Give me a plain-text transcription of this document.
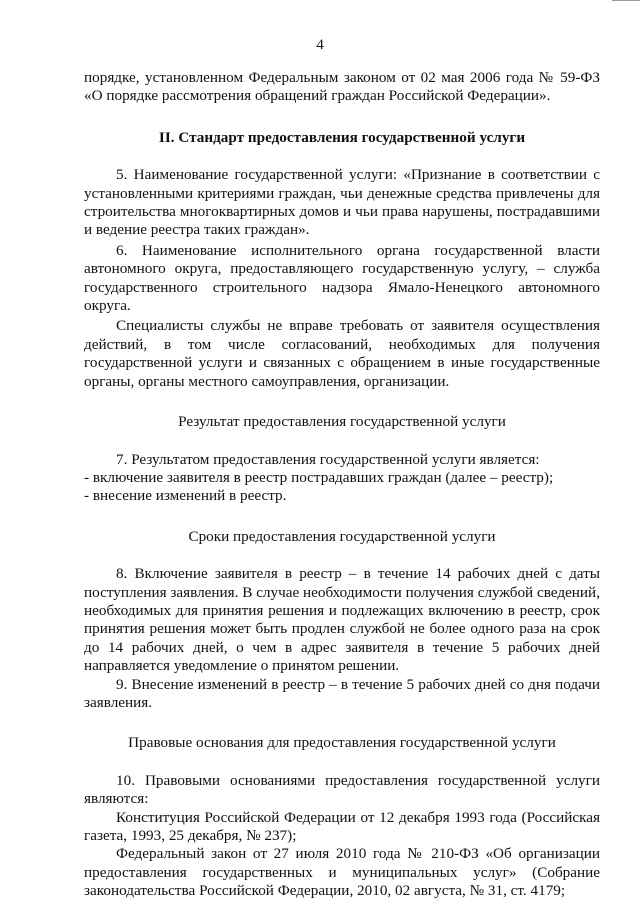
4

порядке, установленном Федеральным законом от 02 мая 2006 года № 59-ФЗ «О порядке рассмотрения обращений граждан Российской Федерации».

II. Стандарт предоставления государственной услуги

5. Наименование государственной услуги: «Признание в соответствии с установленными критериями граждан, чьи денежные средства привлечены для строительства многоквартирных домов и чьи права нарушены, пострадавшими и ведение реестра таких граждан».

6. Наименование исполнительного органа государственной власти автономного округа, предоставляющего государственную услугу, – служба государственного строительного надзора Ямало-Ненецкого автономного округа.

Специалисты службы не вправе требовать от заявителя осуществления действий, в том числе согласований, необходимых для получения государственной услуги и связанных с обращением в иные государственные органы, органы местного самоуправления, организации.

Результат предоставления государственной услуги

7. Результатом предоставления государственной услуги является:

- включение заявителя в реестр пострадавших граждан (далее – реестр);

- внесение изменений в реестр.

Сроки предоставления государственной услуги

8. Включение заявителя в реестр – в течение 14 рабочих дней с даты поступления заявления. В случае необходимости получения службой сведений, необходимых для принятия решения и подлежащих включению в реестр, срок принятия решения может быть продлен службой не более одного раза на срок до 14 рабочих дней, о чем в адрес заявителя в течение 5 рабочих дней направляется уведомление о принятом решении.

9. Внесение изменений в реестр – в течение 5 рабочих дней со дня подачи заявления.

Правовые основания для предоставления государственной услуги

10. Правовыми основаниями предоставления государственной услуги являются:

Конституция Российской Федерации от 12 декабря 1993 года (Российская газета, 1993, 25 декабря, № 237);

Федеральный закон от 27 июля 2010 года № 210-ФЗ «Об организации предоставления государственных и муниципальных услуг» (Собрание законодательства Российской Федерации, 2010, 02 августа, № 31, ст. 4179;
